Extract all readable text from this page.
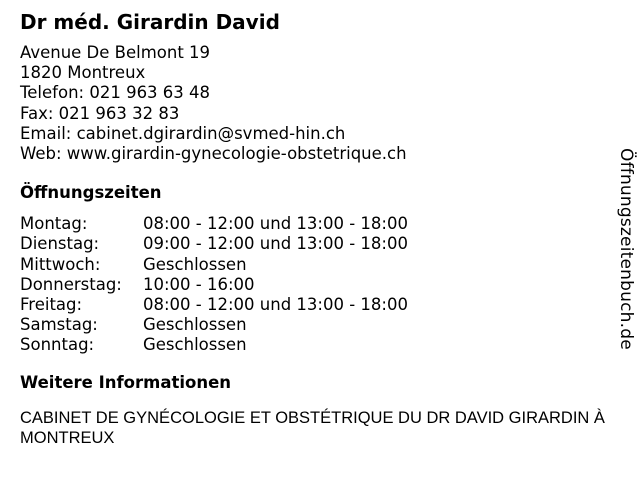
Dr méd. Girardin David
Avenue De Belmont 19
1820 Montreux
Telefon: 021 963 63 48
Fax: 021 963 32 83
Email: cabinet.dgirardin@svmed-hin.ch
Web: www.girardin-gynecologie-obstetrique.ch
Öffnungszeiten
Montag:	08:00 - 12:00 und 13:00 - 18:00
Dienstag:	09:00 - 12:00 und 13:00 - 18:00
Mittwoch:	Geschlossen
Donnerstag:	10:00 - 16:00
Freitag:	08:00 - 12:00 und 13:00 - 18:00
Samstag:	Geschlossen
Sonntag:	Geschlossen
Weitere Informationen
CABINET DE GYNÉCOLOGIE ET OBSTÉTRIQUE DU DR DAVID GIRARDIN À MONTREUX
Öffnungszeitenbuch.de
